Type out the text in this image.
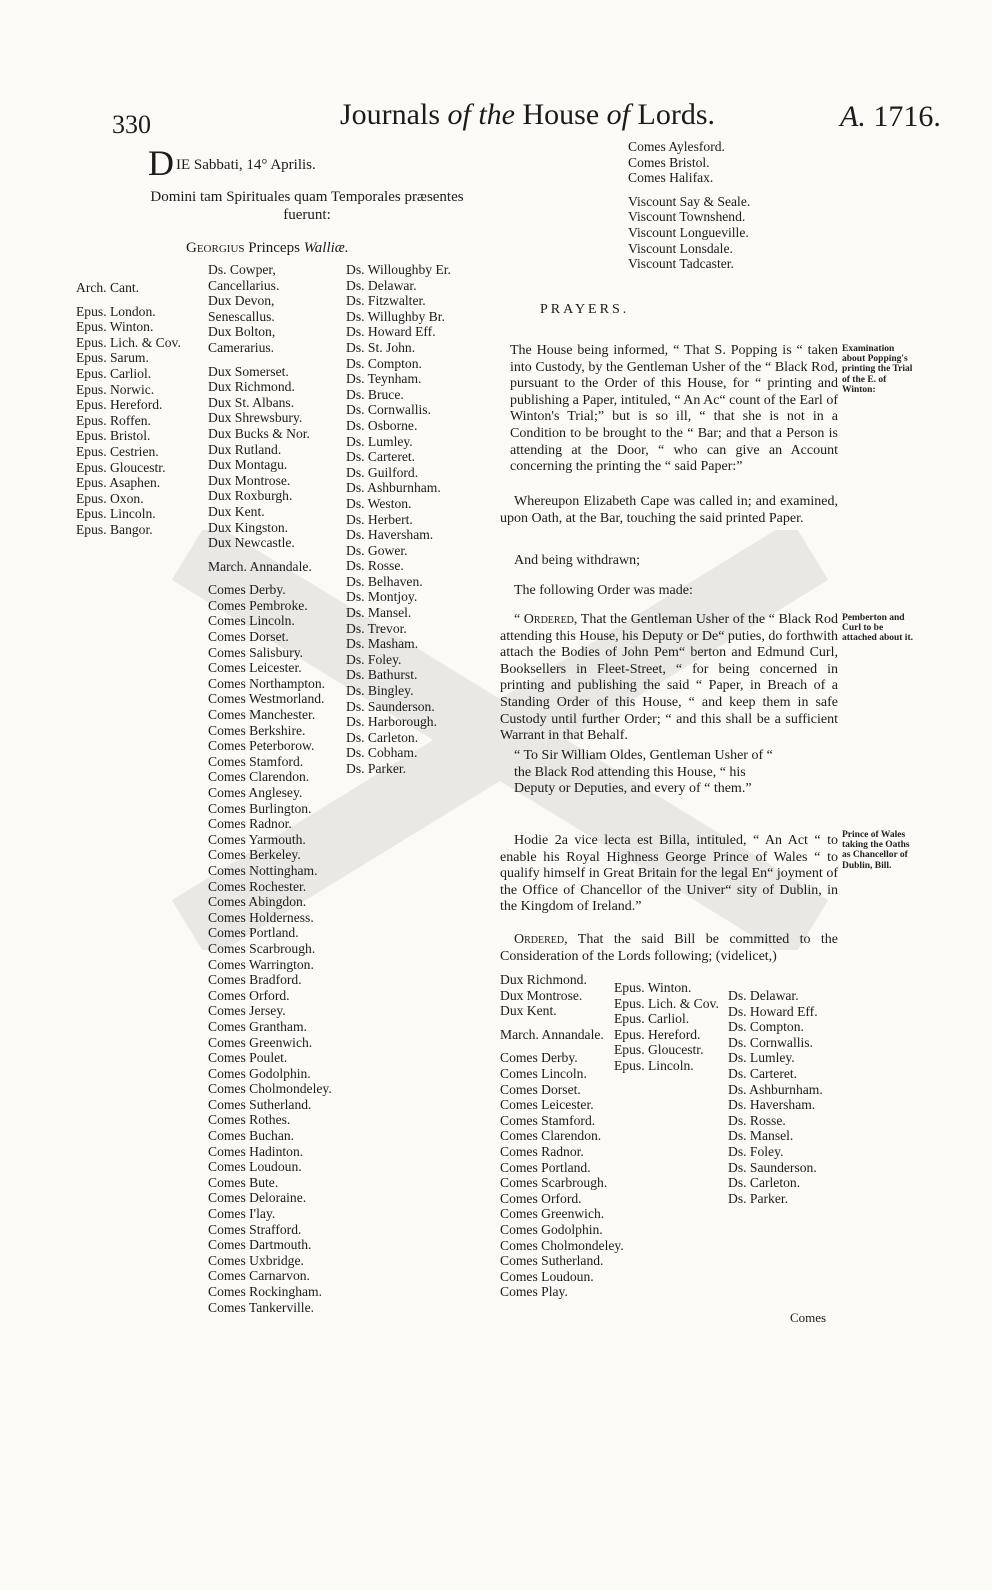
330	Journals of the House of Lords.	A. 1716.
DIE Sabbati, 14° Aprilis.
Domini tam Spirituales quam Temporales præsentes fuerunt:
Georgius Princeps Walliæ.
Arch. Cant.
Epus. London.
Epus. Winton.
Epus. Lich. & Cov.
Epus. Sarum.
Epus. Carliol.
Epus. Norwic.
Epus. Hereford.
Epus. Roffen.
Epus. Bristol.
Epus. Cestrien.
Epus. Gloucestr.
Epus. Asaphen.
Epus. Oxon.
Epus. Lincoln.
Epus. Bangor.
Ds. Cowper, Cancellarius.
Dux Devon, Senescallus.
Dux Bolton, Camerarius.
Dux Somerset.
Dux Richmond.
Dux St. Albans.
Dux Shrewsbury.
Dux Bucks & Nor.
Dux Rutland.
Dux Montagu.
Dux Montrose.
Dux Roxburgh.
Dux Kent.
Dux Kingston.
Dux Newcastle.
March. Annandale.
Comes Derby.
Comes Pembroke.
Comes Lincoln.
Comes Dorset.
Comes Salisbury.
Comes Leicester.
Comes Northampton.
Comes Westmorland.
Comes Manchester.
Comes Berkshire.
Comes Peterborow.
Comes Stamford.
Comes Clarendon.
Comes Anglesey.
Comes Burlington.
Comes Radnor.
Comes Yarmouth.
Comes Berkeley.
Comes Nottingham.
Comes Rochester.
Comes Abingdon.
Comes Holderness.
Comes Portland.
Comes Scarbrough.
Comes Warrington.
Comes Bradford.
Comes Orford.
Comes Jersey.
Comes Grantham.
Comes Greenwich.
Comes Poulet.
Comes Godolphin.
Comes Cholmondeley.
Comes Sutherland.
Comes Rothes.
Comes Buchan.
Comes Hadinton.
Comes Loudoun.
Comes Bute.
Comes Deloraine.
Comes I'lay.
Comes Strafford.
Comes Dartmouth.
Comes Uxbridge.
Comes Carnarvon.
Comes Rockingham.
Comes Tankerville.
Ds. Willoughby Er.
Ds. Delawar.
Ds. Fitzwalter.
Ds. Willughby Br.
Ds. Howard Eff.
Ds. St. John.
Ds. Compton.
Ds. Teynham.
Ds. Bruce.
Ds. Cornwallis.
Ds. Osborne.
Ds. Lumley.
Ds. Carteret.
Ds. Guilford.
Ds. Ashburnham.
Ds. Weston.
Ds. Herbert.
Ds. Haversham.
Ds. Gower.
Ds. Rosse.
Ds. Belhaven.
Ds. Montjoy.
Ds. Mansel.
Ds. Trevor.
Ds. Masham.
Ds. Foley.
Ds. Bathurst.
Ds. Bingley.
Ds. Saunderson.
Ds. Harborough.
Ds. Carleton.
Ds. Cobham.
Ds. Parker.
Comes Aylesford.
Comes Bristol.
Comes Halifax.
Viscount Say & Seale.
Viscount Townshend.
Viscount Longueville.
Viscount Lonsdale.
Viscount Tadcaster.
PRAYERS.
The House being informed, “ That S. Popping is “ taken into Custody, by the Gentleman Usher of the “ Black Rod, pursuant to the Order of this House, for “ printing and publishing a Paper, intituled, “ An Ac“ count of the Earl of Winton's Trial;” but is so ill, “ that she is not in a Condition to be brought to the “ Bar; and that a Person is attending at the Door, “ who can give an Account concerning the printing the “ said Paper:”
Examination about Popping's printing the Trial of the E. of Winton:
Whereupon Elizabeth Cape was called in; and examined, upon Oath, at the Bar, touching the said printed Paper.
And being withdrawn;
The following Order was made:
“ Ordered, That the Gentleman Usher of the “ Black Rod attending this House, his Deputy or De“ puties, do forthwith attach the Bodies of John Pem“ berton and Edmund Curl, Booksellers in Fleet-Street, “ for being concerned in printing and publishing the said “ Paper, in Breach of a Standing Order of this House, “ and keep them in safe Custody until further Order; “ and this shall be a sufficient Warrant in that Behalf.
Pemberton and Curl to be attached about it.
“ To Sir William Oldes, Gentleman Usher of “ the Black Rod attending this House, “ his Deputy or Deputies, and every of “ them.”
Hodie 2a vice lecta est Billa, intituled, “ An Act “ to enable his Royal Highness George Prince of Wales “ to qualify himself in Great Britain for the legal En“ joyment of the Office of Chancellor of the Univer“ sity of Dublin, in the Kingdom of Ireland.”
Prince of Wales taking the Oaths as Chancellor of Dublin, Bill.
Ordered, That the said Bill be committed to the Consideration of the Lords following; (videlicet,)
Dux Richmond.
Dux Montrose.
Dux Kent.
March. Annandale.
Comes Derby.
Comes Lincoln.
Comes Dorset.
Comes Leicester.
Comes Stamford.
Comes Clarendon.
Comes Radnor.
Comes Portland.
Comes Scarbrough.
Comes Orford.
Comes Greenwich.
Comes Godolphin.
Comes Cholmondeley.
Comes Sutherland.
Comes Loudoun.
Comes Play.
Epus. Winton.
Epus. Lich. & Cov.
Epus. Carliol.
Epus. Hereford.
Epus. Gloucestr.
Epus. Lincoln.
Ds. Delawar.
Ds. Howard Eff.
Ds. Compton.
Ds. Cornwallis.
Ds. Lumley.
Ds. Carteret.
Ds. Ashburnham.
Ds. Haversham.
Ds. Rosse.
Ds. Mansel.
Ds. Foley.
Ds. Saunderson.
Ds. Carleton.
Ds. Parker.
Comes
